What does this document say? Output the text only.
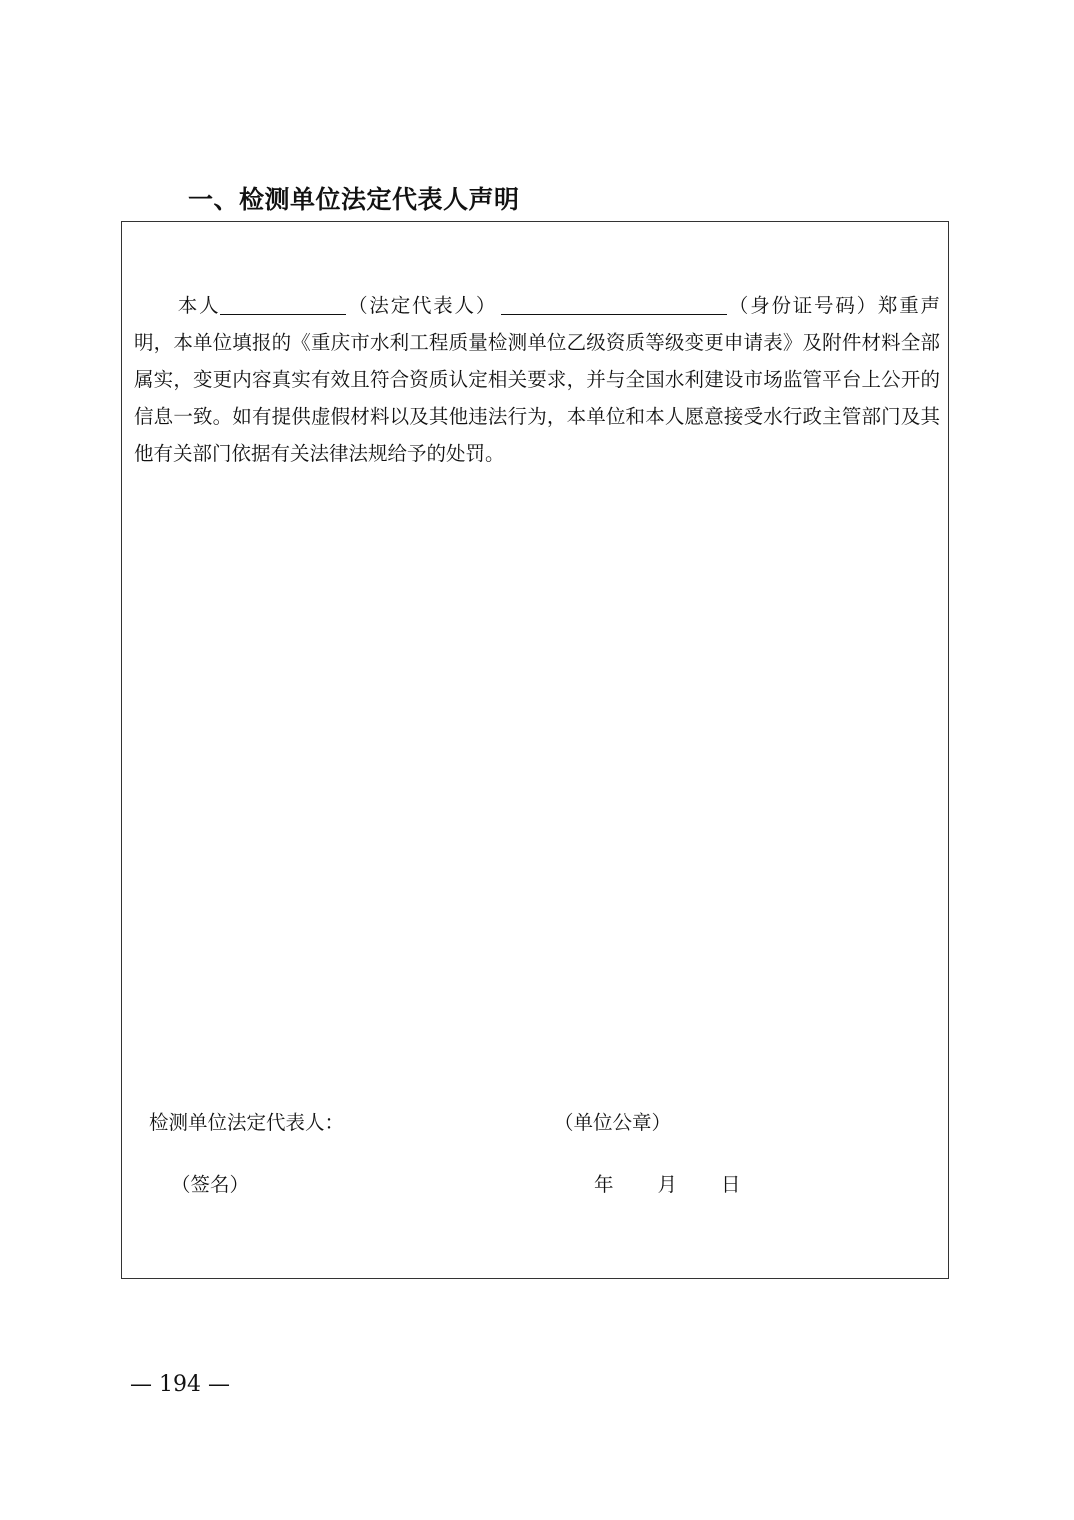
一、检测单位法定代表人声明
本人	（法定代表人）	（身份证号码）郑重声明，本单位填报的《重庆市水利工程质量检测单位乙级资质等级变更申请表》及附件材料全部属实，变更内容真实有效且符合资质认定相关要求，并与全国水利建设市场监管平台上公开的信息一致。如有提供虚假材料以及其他违法行为，本单位和本人愿意接受水行政主管部门及其他有关部门依据有关法律法规给予的处罚。
检测单位法定代表人：	（单位公章）
（签名）	年 月 日
— 194 —
